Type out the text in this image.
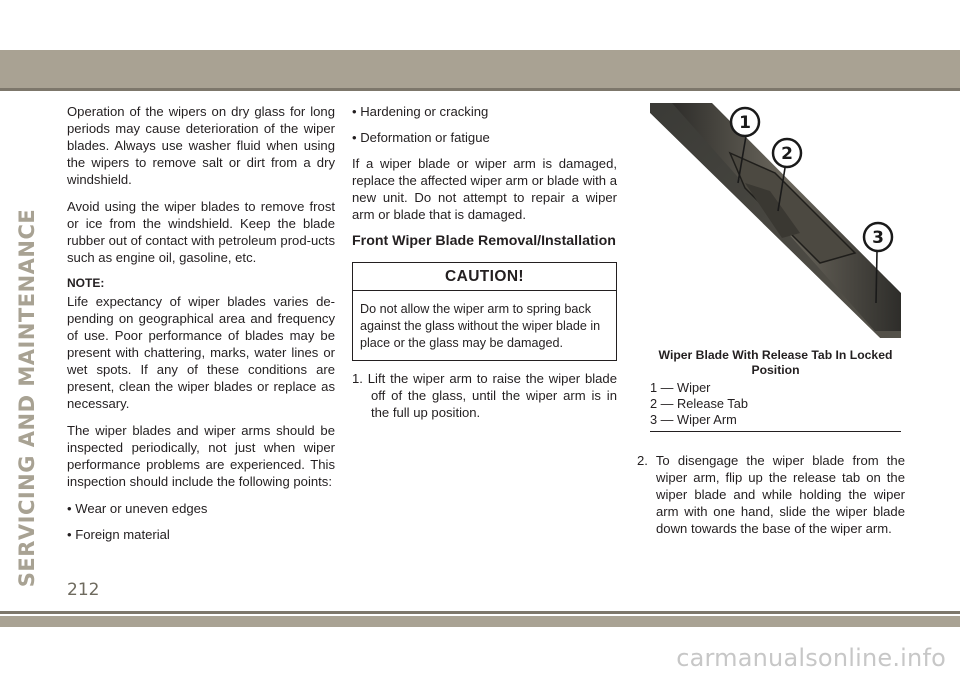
SERVICING AND MAINTENANCE

Operation of the wipers on dry glass for long periods may cause deterioration of the wiper blades. Always use washer fluid when using the wipers to remove salt or dirt from a dry windshield.

Avoid using the wiper blades to remove frost or ice from the windshield. Keep the blade rubber out of contact with petroleum prod-ucts such as engine oil, gasoline, etc.

NOTE:

Life expectancy of wiper blades varies de-pending on geographical area and frequency of use. Poor performance of blades may be present with chattering, marks, water lines or wet spots. If any of these conditions are present, clean the wiper blades or replace as necessary.

The wiper blades and wiper arms should be inspected periodically, not just when wiper performance problems are experienced. This inspection should include the following points:

• Wear or uneven edges

• Foreign material

• Hardening or cracking

• Deformation or fatigue

If a wiper blade or wiper arm is damaged, replace the affected wiper arm or blade with a new unit. Do not attempt to repair a wiper arm or blade that is damaged.

Front Wiper Blade Removal/Installation
CAUTION!
Do not allow the wiper arm to spring back against the glass without the wiper blade in place or the glass may be damaged.

1. Lift the wiper arm to raise the wiper blade off of the glass, until the wiper arm is in the full up position.

1
2
3
Wiper Blade With Release Tab In Locked Position
1 — Wiper
2 — Release Tab
3 — Wiper Arm

2. To disengage the wiper blade from the wiper arm, flip up the release tab on the wiper blade and while holding the wiper arm with one hand, slide the wiper blade down towards the base of the wiper arm.

212
carmanualsonline.info
